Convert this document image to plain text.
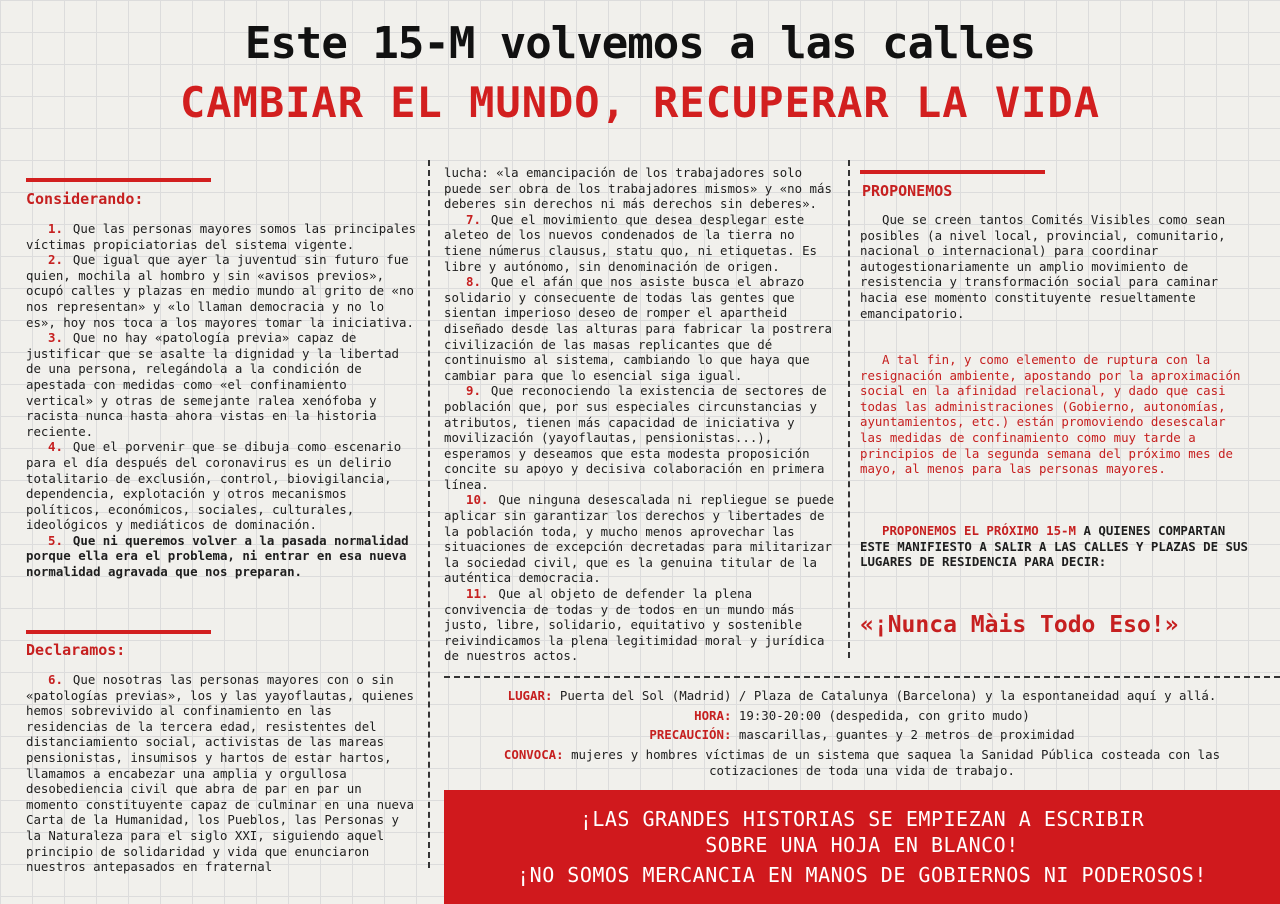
Este 15-M volvemos a las calles
CAMBIAR EL MUNDO, RECUPERAR LA VIDA
Considerando:

1. Que las personas mayores somos las principales víctimas propiciatorias del sistema vigente.

2. Que igual que ayer la juventud sin futuro fue quien, mochila al hombro y sin «avisos previos», ocupó calles y plazas en medio mundo al grito de «no nos representan» y «lo llaman democracia y no lo es», hoy nos toca a los mayores tomar la iniciativa.

3. Que no hay «patología previa» capaz de justificar que se asalte la dignidad y la libertad de una persona, relegándola a la condición de apestada con medidas como «el confinamiento vertical» y otras de semejante ralea xenófoba y racista nunca hasta ahora vistas en la historia reciente.

4. Que el porvenir que se dibuja como escenario para el día después del coronavirus es un delirio totalitario de exclusión, control, biovigilancia, dependencia, explotación y otros mecanismos políticos, económicos, sociales, culturales, ideológicos y mediáticos de dominación.

5. Que ni queremos volver a la pasada normalidad porque ella era el problema, ni entrar en esa nueva normalidad agravada que nos preparan.

Declaramos:

6. Que nosotras las personas mayores con o sin «patologías previas», los y las yayoflautas, quienes hemos sobrevivido al confinamiento en las residencias de la tercera edad, resistentes del distanciamiento social, activistas de las mareas pensionistas, insumisos y hartos de estar hartos, llamamos a encabezar una amplia y orgullosa desobediencia civil que abra de par en par un momento constituyente capaz de culminar en una nueva Carta de la Humanidad, los Pueblos, las Personas y la Naturaleza para el siglo XXI, siguiendo aquel principio de solidaridad y vida que enunciaron nuestros antepasados en fraternal

lucha: «la emancipación de los trabajadores solo puede ser obra de los trabajadores mismos» y «no más deberes sin derechos ni más derechos sin deberes».

7. Que el movimiento que desea desplegar este aleteo de los nuevos condenados de la tierra no tiene númerus clausus, statu quo, ni etiquetas. Es libre y autónomo, sin denominación de origen.

8. Que el afán que nos asiste busca el abrazo solidario y consecuente de todas las gentes que sientan imperioso deseo de romper el apartheid diseñado desde las alturas para fabricar la postrera civilización de las masas replicantes que dé continuismo al sistema, cambiando lo que haya que cambiar para que lo esencial siga igual.

9. Que reconociendo la existencia de sectores de población que, por sus especiales circunstancias y atributos, tienen más capacidad de iniciativa y movilización (yayoflautas, pensionistas...), esperamos y deseamos que esta modesta proposición concite su apoyo y decisiva colaboración en primera línea.

10. Que ninguna desescalada ni repliegue se puede aplicar sin garantizar los derechos y libertades de la población toda, y mucho menos aprovechar las situaciones de excepción decretadas para militarizar la sociedad civil, que es la genuina titular de la auténtica democracia.

11. Que al objeto de defender la plena convivencia de todas y de todos en un mundo más justo, libre, solidario, equitativo y sostenible reivindicamos la plena legitimidad moral y jurídica de nuestros actos.

PROPONEMOS

Que se creen tantos Comités Visibles como sean posibles (a nivel local, provincial, comunitario, nacional o internacional) para coordinar autogestionariamente un amplio movimiento de resistencia y transformación social para caminar hacia ese momento constituyente resueltamente emancipatorio.

A tal fin, y como elemento de ruptura con la resignación ambiente, apostando por la aproximación social en la afinidad relacional, y dado que casi todas las administraciones (Gobierno, autonomías, ayuntamientos, etc.) están promoviendo desescalar las medidas de confinamiento como muy tarde a principios de la segunda semana del próximo mes de mayo, al menos para las personas mayores.

PROPONEMOS EL PRÓXIMO 15-M A QUIENES COMPARTAN ESTE MANIFIESTO A SALIR A LAS CALLES Y PLAZAS DE SUS LUGARES DE RESIDENCIA PARA DECIR:

«¡Nunca Màis Todo Eso!»
LUGAR: Puerta del Sol (Madrid) / Plaza de Catalunya (Barcelona) y la espontaneidad aquí y allá.
HORA: 19:30-20:00 (despedida, con grito mudo)
PRECAUCIÓN: mascarillas, guantes y 2 metros de proximidad
CONVOCA: mujeres y hombres víctimas de un sistema que saquea la Sanidad Pública costeada con las
cotizaciones de toda una vida de trabajo.
¡LAS GRANDES HISTORIAS SE EMPIEZAN A ESCRIBIR
SOBRE UNA HOJA EN BLANCO!
¡NO SOMOS MERCANCIA EN MANOS DE GOBIERNOS NI PODEROSOS!
